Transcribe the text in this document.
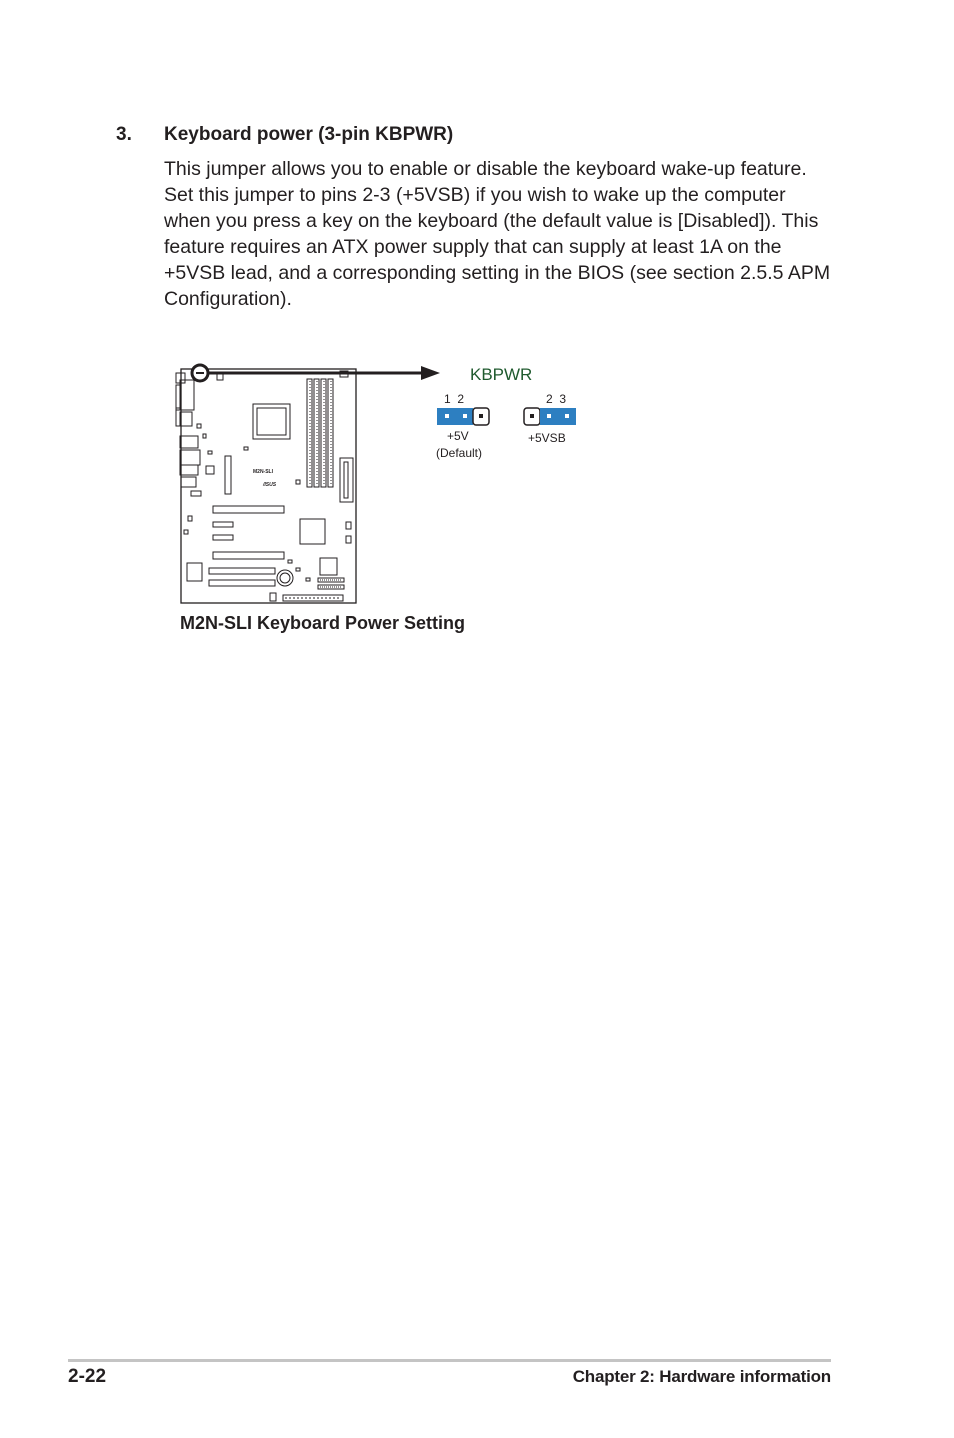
3. Keyboard power (3-pin KBPWR)
This jumper allows you to enable or disable the keyboard wake-up feature.
Set this jumper to pins 2-3 (+5VSB) if you wish to wake up the computer
when you press a key on the keyboard (the default value is [Disabled]). This
feature requires an ATX power supply that can supply at least 1A on the
+5VSB lead, and a corresponding setting in the BIOS (see section 2.5.5 APM
Configuration).
M2N-SLI
/ISUS
KBPWR
1  2
+5V
(Default)
2  3
+5VSB
M2N-SLI Keyboard Power Setting
2-22	Chapter 2: Hardware information
